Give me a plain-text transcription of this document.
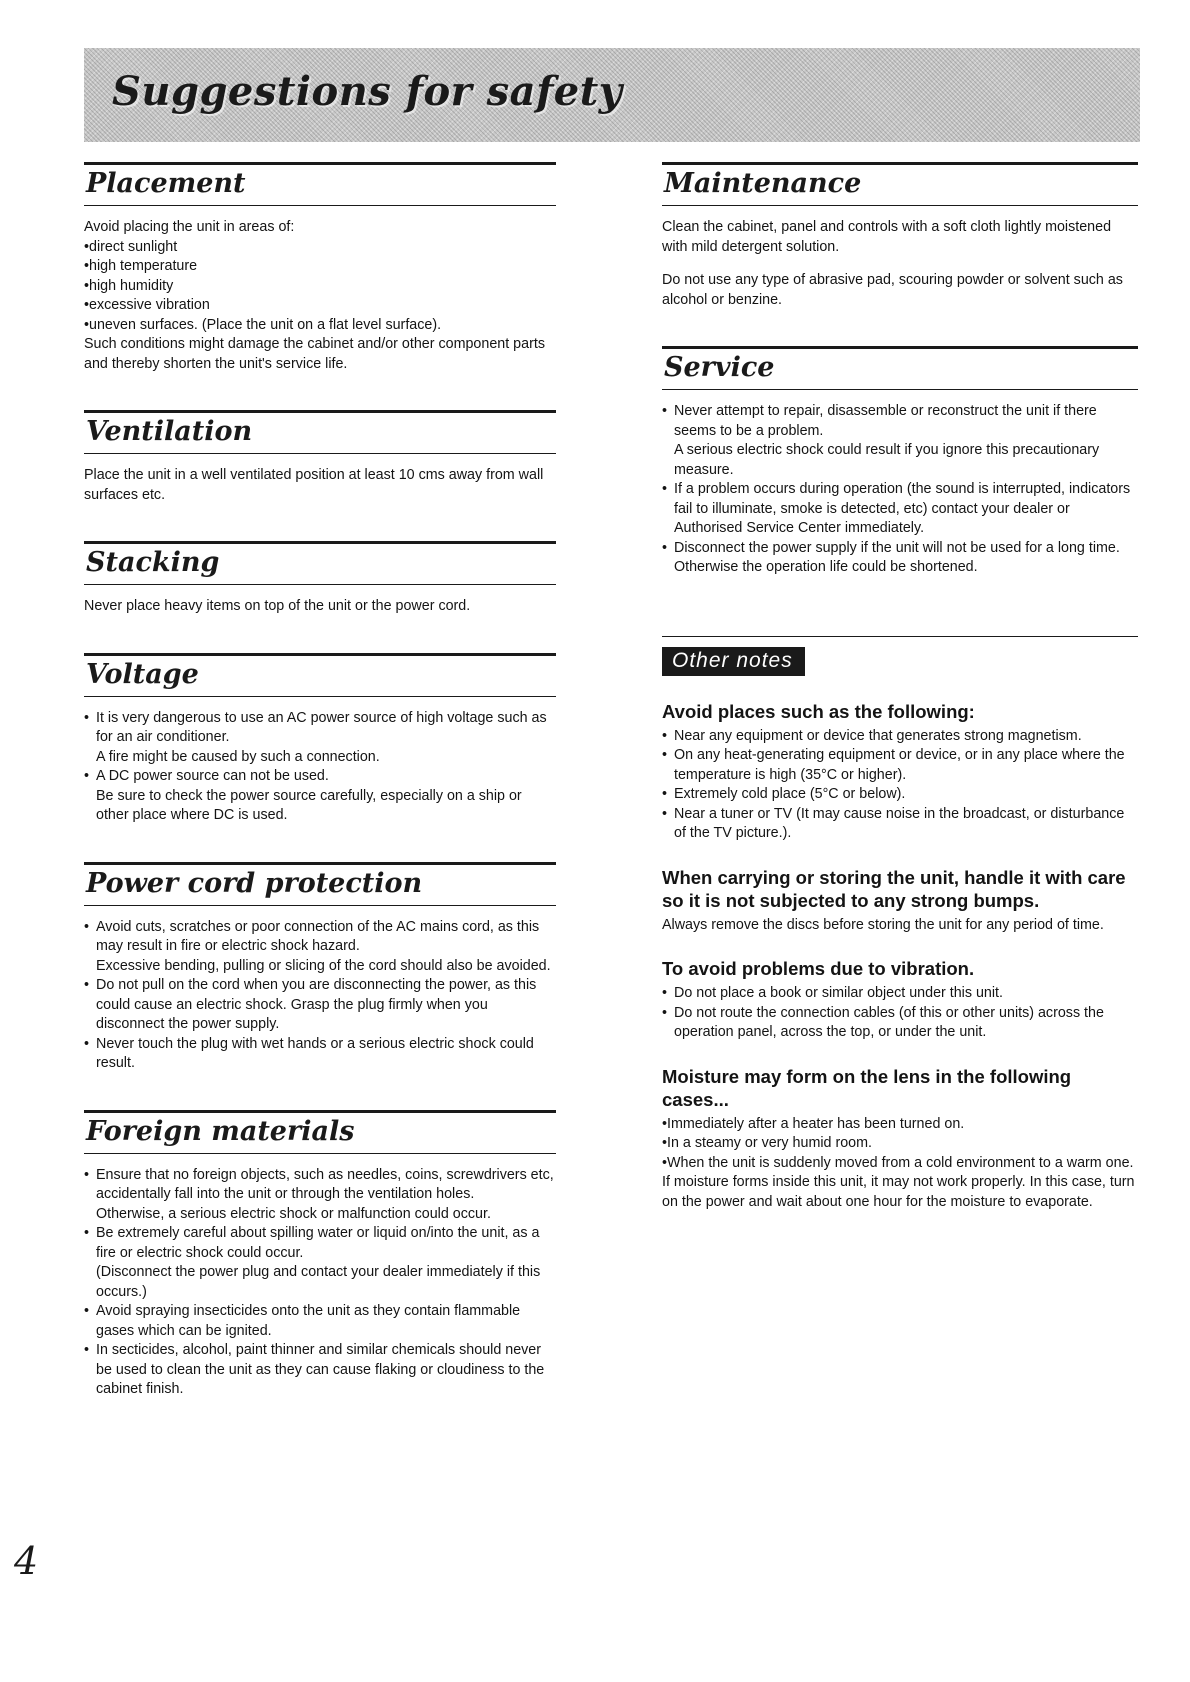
Suggestions for safety
Placement

Avoid placing the unit in areas of:

• direct sunlight
• high temperature
• high humidity
• excessive vibration
• uneven surfaces. (Place the unit on a flat level surface).

Such conditions might damage the cabinet and/or other component parts and thereby shorten the unit's service life.

Ventilation

Place the unit in a well ventilated position at least 10 cms away from wall surfaces etc.

Stacking

Never place heavy items on top of the unit or the power cord.

Voltage
• It is very dangerous to use an AC power source of high voltage such as for an air conditioner.
A fire might be caused by such a connection.
• A DC power source can not be used.
Be sure to check the power source carefully, especially on a ship or other place where DC is used.
Power cord protection
• Avoid cuts, scratches or poor connection of the AC mains cord, as this may result in fire or electric shock hazard.
Excessive bending, pulling or slicing of the cord should also be avoided.
• Do not pull on the cord when you are disconnecting the power, as this could cause an electric shock. Grasp the plug firmly when you disconnect the power supply.
• Never touch the plug with wet hands or a serious electric shock could result.
Foreign materials
• Ensure that no foreign objects, such as needles, coins, screwdrivers etc, accidentally fall into the unit or through the ventilation holes.
Otherwise, a serious electric shock or malfunction could occur.
• Be extremely careful about spilling water or liquid on/into the unit, as a fire or electric shock could occur.
(Disconnect the power plug and contact your dealer immediately if this occurs.)
• Avoid spraying insecticides onto the unit as they contain flammable gases which can be ignited.
• In secticides, alcohol, paint thinner and similar chemicals should never be used to clean the unit as they can cause flaking or cloudiness to the cabinet finish.
Maintenance

Clean the cabinet, panel and controls with a soft cloth lightly moistened with mild detergent solution.

Do not use any type of abrasive pad, scouring powder or solvent such as alcohol or benzine.

Service
• Never attempt to repair, disassemble or reconstruct the unit if there seems to be a problem.
A serious electric shock could result if you ignore this precautionary measure.
• If a problem occurs during operation (the sound is interrupted, indicators fail to illuminate, smoke is detected, etc) contact your dealer or Authorised Service Center immediately.
• Disconnect the power supply if the unit will not be used for a long time. Otherwise the operation life could be shortened.
Other notes
Avoid places such as the following:
• Near any equipment or device that generates strong magnetism.
• On any heat-generating equipment or device, or in any place where the temperature is high (35°C or higher).
• Extremely cold place (5°C or below).
• Near a tuner or TV (It may cause noise in the broadcast, or disturbance of the TV picture.).
When carrying or storing the unit, handle it with care so it is not subjected to any strong bumps.

Always remove the discs before storing the unit for any period of time.

To avoid problems due to vibration.
• Do not place a book or similar object under this unit.
• Do not route the connection cables (of this or other units) across the operation panel, across the top, or under the unit.
Moisture may form on the lens in the following cases...
• Immediately after a heater has been turned on.
• In a steamy or very humid room.
• When the unit is suddenly moved from a cold environment to a warm one.

If moisture forms inside this unit, it may not work properly. In this case, turn on the power and wait about one hour for the moisture to evaporate.

4
